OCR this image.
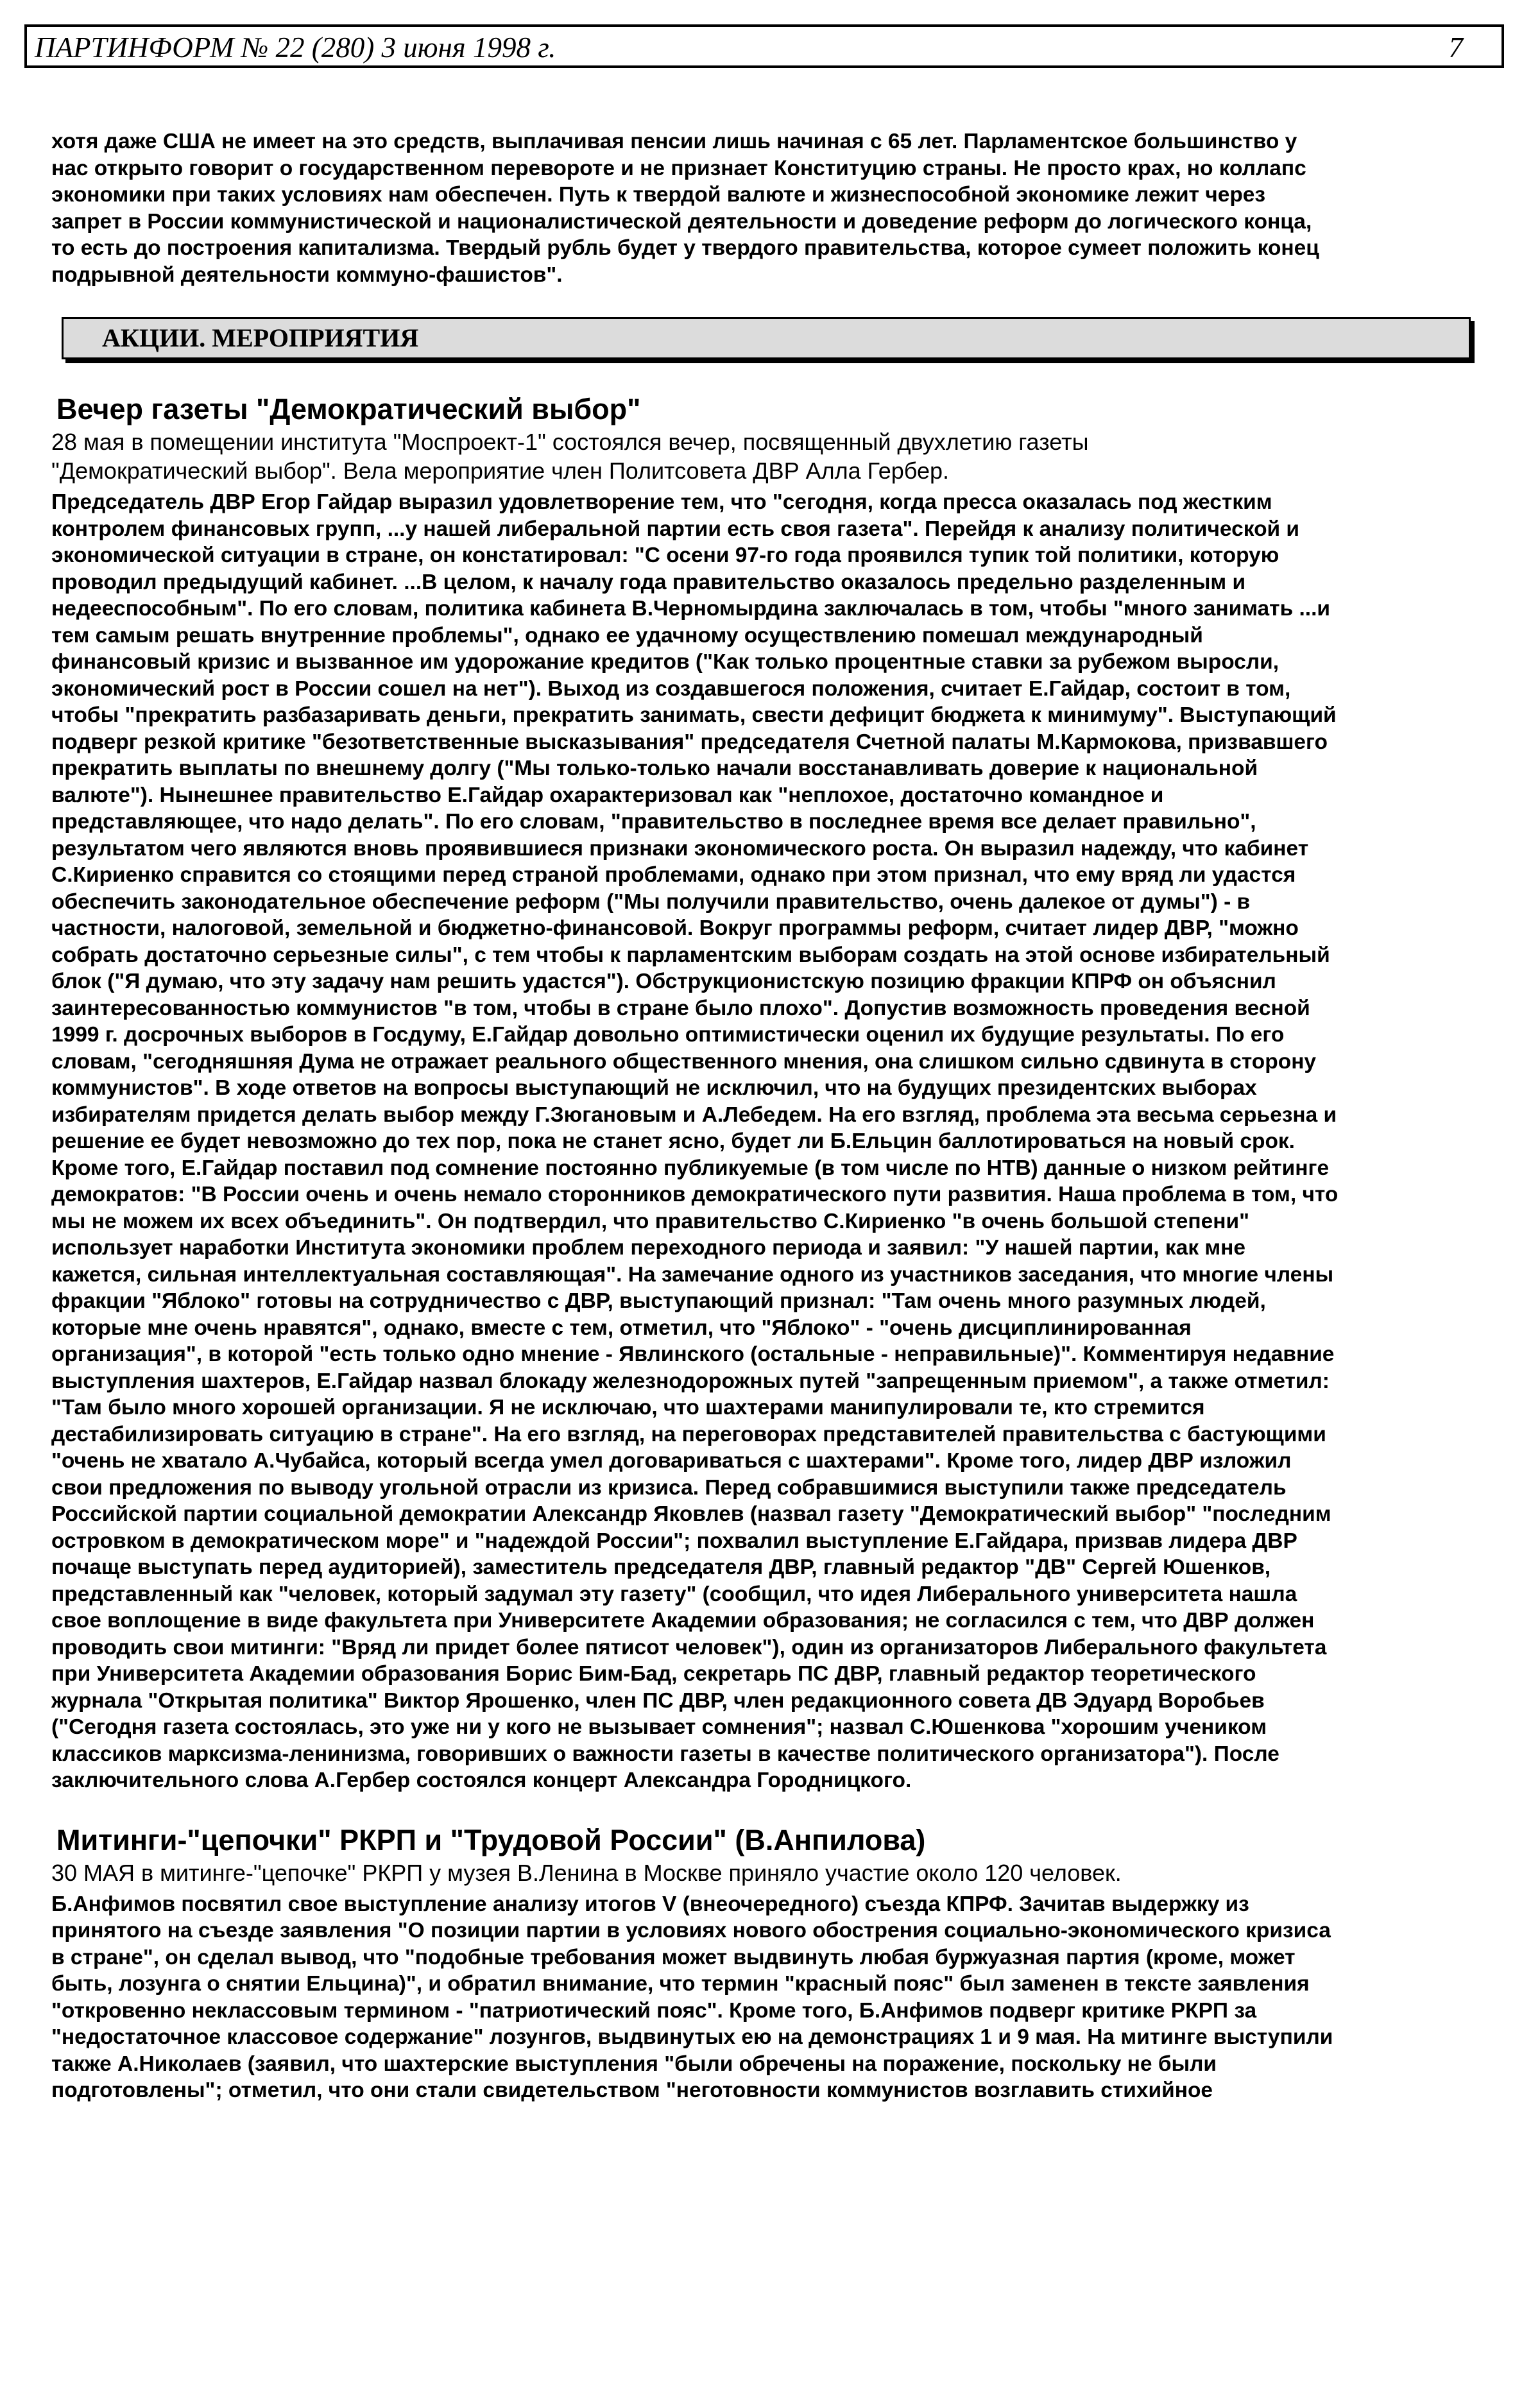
ПАРТИНФОРМ № 22 (280) 3 июня 1998 г.	7

хотя даже США не имеет на это средств, выплачивая пенсии лишь начиная с 65 лет. Парламентское большинство у
нас открыто говорит о государственном перевороте и не признает Конституцию страны. Не просто крах, но коллапс
экономики при таких условиях нам обеспечен. Путь к твердой валюте и жизнеспособной экономике лежит через
запрет в России коммунистической и националистической деятельности и доведение реформ до логического конца,
то есть до построения капитализма. Твердый рубль будет у твердого правительства, которое сумеет положить конец
подрывной деятельности коммуно-фашистов".

АКЦИИ. МЕРОПРИЯТИЯ
Вечер газеты "Демократический выбор"

28 мая в помещении института "Моспроект-1" состоялся вечер, посвященный двухлетию газеты
"Демократический выбор". Вела мероприятие член Политсовета ДВР Алла Гербер.

Председатель ДВР Егор Гайдар выразил удовлетворение тем, что "сегодня, когда пресса оказалась под жестким
контролем финансовых групп, ...у нашей либеральной партии есть своя газета". Перейдя к анализу политической и
экономической ситуации в стране, он констатировал: "С осени 97-го года проявился тупик той политики, которую
проводил предыдущий кабинет. ...В целом, к началу года правительство оказалось предельно разделенным и
недееспособным". По его словам, политика кабинета В.Черномырдина заключалась в том, чтобы "много занимать ...и
тем самым решать внутренние проблемы", однако ее удачному осуществлению помешал международный
финансовый кризис и вызванное им удорожание кредитов ("Как только процентные ставки за рубежом выросли,
экономический рост в России сошел на нет"). Выход из создавшегося положения, считает Е.Гайдар, состоит в том,
чтобы "прекратить разбазаривать деньги, прекратить занимать, свести дефицит бюджета к минимуму". Выступающий
подверг резкой критике "безответственные высказывания" председателя Счетной палаты М.Кармокова, призвавшего
прекратить выплаты по внешнему долгу ("Мы только-только начали восстанавливать доверие к национальной
валюте"). Нынешнее правительство Е.Гайдар охарактеризовал как "неплохое, достаточно командное и
представляющее, что надо делать". По его словам, "правительство в последнее время все делает правильно",
результатом чего являются вновь проявившиеся признаки экономического роста. Он выразил надежду, что кабинет
С.Кириенко справится со стоящими перед страной проблемами, однако при этом признал, что ему вряд ли удастся
обеспечить законодательное обеспечение реформ ("Мы получили правительство, очень далекое от думы") - в
частности, налоговой, земельной и бюджетно-финансовой. Вокруг программы реформ, считает лидер ДВР, "можно
собрать достаточно серьезные силы", с тем чтобы к парламентским выборам создать на этой основе избирательный
блок ("Я думаю, что эту задачу нам решить удастся"). Обструкционистскую позицию фракции КПРФ он объяснил
заинтересованностью коммунистов "в том, чтобы в стране было плохо". Допустив возможность проведения весной
1999 г. досрочных выборов в Госдуму, Е.Гайдар довольно оптимистически оценил их будущие результаты. По его
словам, "сегодняшняя Дума не отражает реального общественного мнения, она слишком сильно сдвинута в сторону
коммунистов". В ходе ответов на вопросы выступающий не исключил, что на будущих президентских выборах
избирателям придется делать выбор между Г.Зюгановым и А.Лебедем. На его взгляд, проблема эта весьма серьезна и
решение ее будет невозможно до тех пор, пока не станет ясно, будет ли Б.Ельцин баллотироваться на новый срок.
Кроме того, Е.Гайдар поставил под сомнение постоянно публикуемые (в том числе по НТВ) данные о низком рейтинге
демократов: "В России очень и очень немало сторонников демократического пути развития. Наша проблема в том, что
мы не можем их всех объединить". Он подтвердил, что правительство С.Кириенко "в очень большой степени"
использует наработки Института экономики проблем переходного периода и заявил: "У нашей партии, как мне
кажется, сильная интеллектуальная составляющая". На замечание одного из участников заседания, что многие члены
фракции "Яблоко" готовы на сотрудничество с ДВР, выступающий признал: "Там очень много разумных людей,
которые мне очень нравятся", однако, вместе с тем, отметил, что "Яблоко" - "очень дисциплинированная
организация", в которой "есть только одно мнение - Явлинского (остальные - неправильные)". Комментируя недавние
выступления шахтеров, Е.Гайдар назвал блокаду железнодорожных путей "запрещенным приемом", а также отметил:
"Там было много хорошей организации. Я не исключаю, что шахтерами манипулировали те, кто стремится
дестабилизировать ситуацию в стране". На его взгляд, на переговорах представителей правительства с бастующими
"очень не хватало А.Чубайса, который всегда умел договариваться с шахтерами". Кроме того, лидер ДВР изложил
свои предложения по выводу угольной отрасли из кризиса. Перед собравшимися выступили также председатель
Российской партии социальной демократии Александр Яковлев (назвал газету "Демократический выбор" "последним
островком в демократическом море" и "надеждой России"; похвалил выступление Е.Гайдара, призвав лидера ДВР
почаще выступать перед аудиторией), заместитель председателя ДВР, главный редактор "ДВ" Сергей Юшенков,
представленный как "человек, который задумал эту газету" (сообщил, что идея Либерального университета нашла
свое воплощение в виде факультета при Университете Академии образования; не согласился с тем, что ДВР должен
проводить свои митинги: "Вряд ли придет более пятисот человек"), один из организаторов Либерального факультета
при Университета Академии образования Борис Бим-Бад, секретарь ПС ДВР, главный редактор теоретического
журнала "Открытая политика" Виктор Ярошенко, член ПС ДВР, член редакционного совета ДВ Эдуард Воробьев
("Сегодня газета состоялась, это уже ни у кого не вызывает сомнения"; назвал С.Юшенкова "хорошим учеником
классиков марксизма-ленинизма, говоривших о важности газеты в качестве политического организатора"). После
заключительного слова А.Гербер состоялся концерт Александра Городницкого.

Митинги-"цепочки" РКРП и "Трудовой России" (В.Анпилова)

30 МАЯ в митинге-"цепочке" РКРП у музея В.Ленина в Москве приняло участие около 120 человек.

Б.Анфимов посвятил свое выступление анализу итогов V (внеочередного) съезда КПРФ. Зачитав выдержку из
принятого на съезде заявления "О позиции партии в условиях нового обострения социально-экономического кризиса
в стране", он сделал вывод, что "подобные требования может выдвинуть любая буржуазная партия (кроме, может
быть, лозунга о снятии Ельцина)", и обратил внимание, что термин "красный пояс" был заменен в тексте заявления
"откровенно неклассовым термином - "патриотический пояс". Кроме того, Б.Анфимов подверг критике РКРП за
"недостаточное классовое содержание" лозунгов, выдвинутых ею на демонстрациях 1 и 9 мая. На митинге выступили
также А.Николаев (заявил, что шахтерские выступления "были обречены на поражение, поскольку не были
подготовлены"; отметил, что они стали свидетельством "неготовности коммунистов возглавить стихийное
